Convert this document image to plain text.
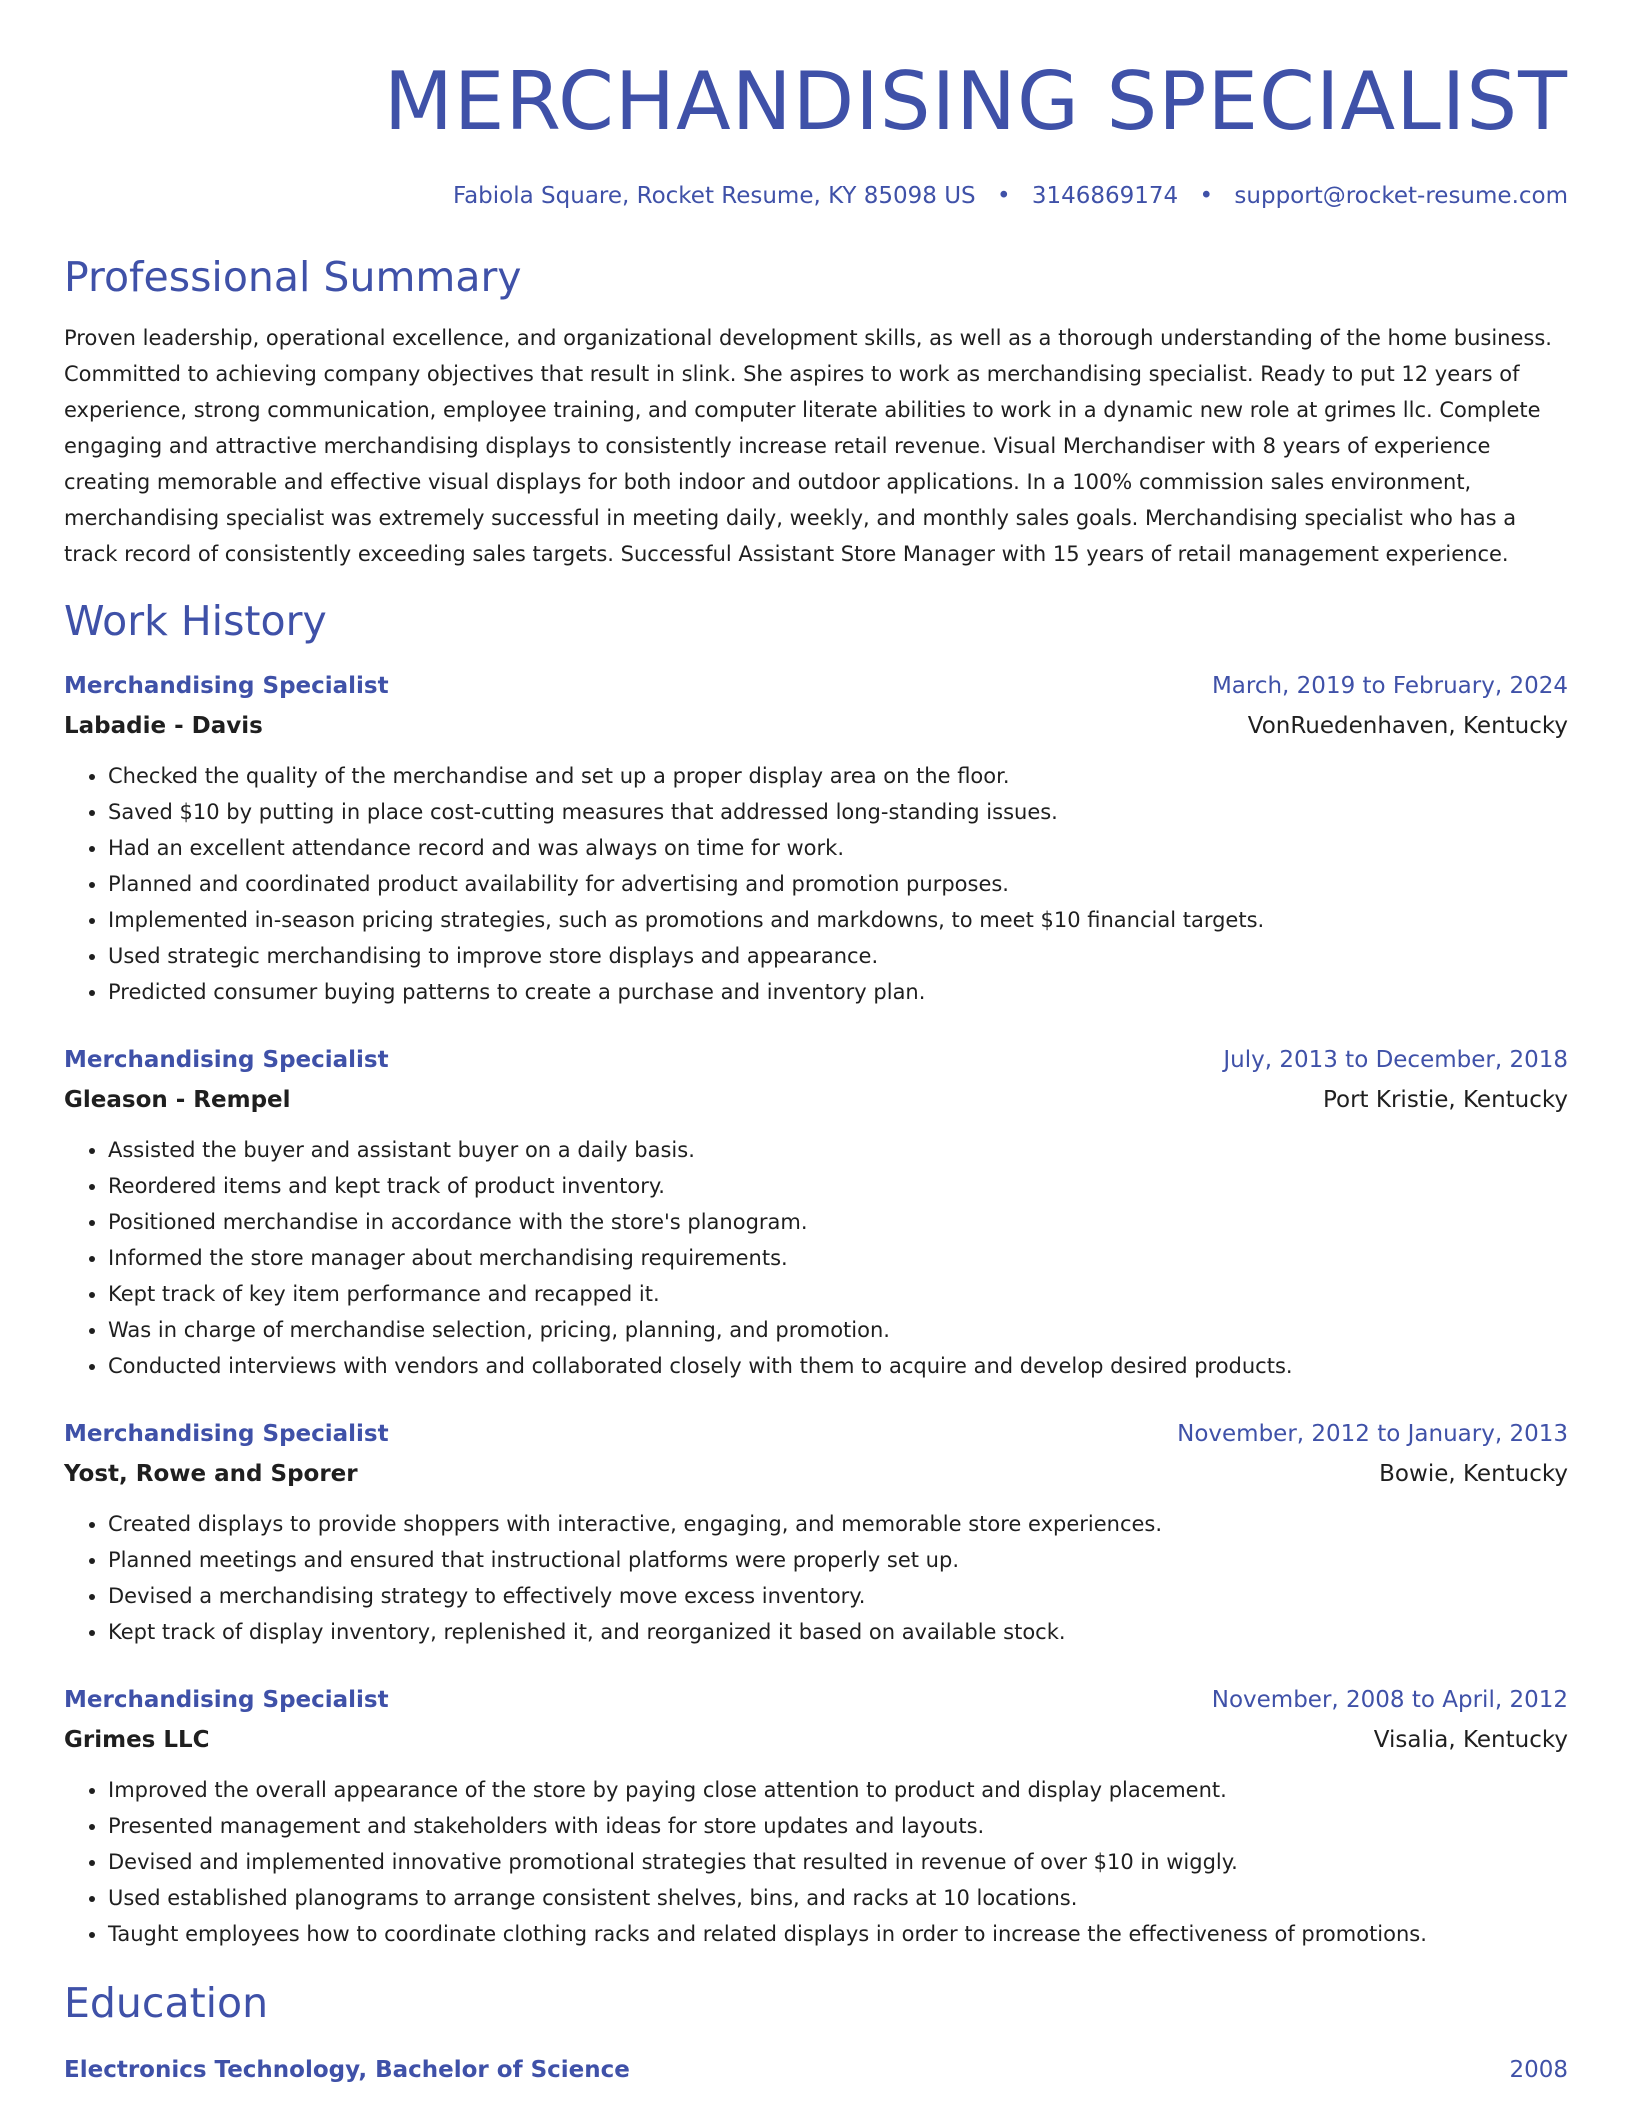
MERCHANDISING SPECIALIST
Fabiola Square, Rocket Resume, KY 85098 US • 3146869174 • support@rocket-resume.com
Professional Summary
Proven leadership, operational excellence, and organizational development skills, as well as a thorough understanding of the home business. Committed to achieving company objectives that result in slink. She aspires to work as merchandising specialist. Ready to put 12 years of experience, strong communication, employee training, and computer literate abilities to work in a dynamic new role at grimes llc. Complete engaging and attractive merchandising displays to consistently increase retail revenue. Visual Merchandiser with 8 years of experience creating memorable and effective visual displays for both indoor and outdoor applications. In a 100% commission sales environment, merchandising specialist was extremely successful in meeting daily, weekly, and monthly sales goals. Merchandising specialist who has a track record of consistently exceeding sales targets. Successful Assistant Store Manager with 15 years of retail management experience.
Work History
Merchandising Specialist	March, 2019 to February, 2024
Labadie - Davis	VonRuedenhaven, Kentucky
• Checked the quality of the merchandise and set up a proper display area on the floor.
• Saved $10 by putting in place cost-cutting measures that addressed long-standing issues.
• Had an excellent attendance record and was always on time for work.
• Planned and coordinated product availability for advertising and promotion purposes.
• Implemented in-season pricing strategies, such as promotions and markdowns, to meet $10 financial targets.
• Used strategic merchandising to improve store displays and appearance.
• Predicted consumer buying patterns to create a purchase and inventory plan.
Merchandising Specialist	July, 2013 to December, 2018
Gleason - Rempel	Port Kristie, Kentucky
• Assisted the buyer and assistant buyer on a daily basis.
• Reordered items and kept track of product inventory.
• Positioned merchandise in accordance with the store's planogram.
• Informed the store manager about merchandising requirements.
• Kept track of key item performance and recapped it.
• Was in charge of merchandise selection, pricing, planning, and promotion.
• Conducted interviews with vendors and collaborated closely with them to acquire and develop desired products.
Merchandising Specialist	November, 2012 to January, 2013
Yost, Rowe and Sporer	Bowie, Kentucky
• Created displays to provide shoppers with interactive, engaging, and memorable store experiences.
• Planned meetings and ensured that instructional platforms were properly set up.
• Devised a merchandising strategy to effectively move excess inventory.
• Kept track of display inventory, replenished it, and reorganized it based on available stock.
Merchandising Specialist	November, 2008 to April, 2012
Grimes LLC	Visalia, Kentucky
• Improved the overall appearance of the store by paying close attention to product and display placement.
• Presented management and stakeholders with ideas for store updates and layouts.
• Devised and implemented innovative promotional strategies that resulted in revenue of over $10 in wiggly.
• Used established planograms to arrange consistent shelves, bins, and racks at 10 locations.
• Taught employees how to coordinate clothing racks and related displays in order to increase the effectiveness of promotions.
Education
Electronics Technology, Bachelor of Science	2008
